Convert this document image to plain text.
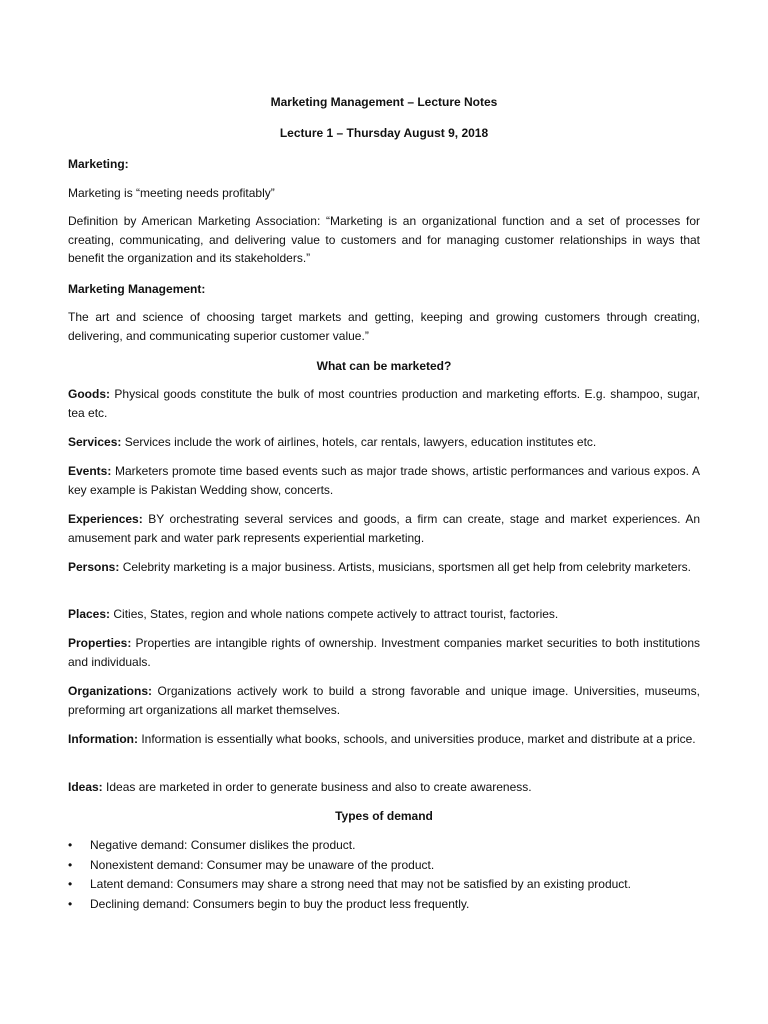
Marketing Management – Lecture Notes
Lecture 1 – Thursday August 9, 2018
Marketing:
Marketing is “meeting needs profitably”
Definition by American Marketing Association: “Marketing is an organizational function and a set of processes for creating, communicating, and delivering value to customers and for managing customer relationships in ways that benefit the organization and its stakeholders.”
Marketing Management:
The art and science of choosing target markets and getting, keeping and growing customers through creating, delivering, and communicating superior customer value.”
What can be marketed?
Goods: Physical goods constitute the bulk of most countries production and marketing efforts. E.g. shampoo, sugar, tea etc.
Services: Services include the work of airlines, hotels, car rentals, lawyers, education institutes etc.
Events: Marketers promote time based events such as major trade shows, artistic performances and various expos. A key example is Pakistan Wedding show, concerts.
Experiences: BY orchestrating several services and goods, a firm can create, stage and market experiences. An amusement park and water park represents experiential marketing.
Persons: Celebrity marketing is a major business. Artists, musicians, sportsmen all get help from celebrity marketers.
Places: Cities, States, region and whole nations compete actively to attract tourist, factories.
Properties: Properties are intangible rights of ownership. Investment companies market securities to both institutions and individuals.
Organizations: Organizations actively work to build a strong favorable and unique image. Universities, museums, preforming art organizations all market themselves.
Information: Information is essentially what books, schools, and universities produce, market and distribute at a price.
Ideas: Ideas are marketed in order to generate business and also to create awareness.
Types of demand
• Negative demand: Consumer dislikes the product.
• Nonexistent demand: Consumer may be unaware of the product.
• Latent demand: Consumers may share a strong need that may not be satisfied by an existing product.
• Declining demand: Consumers begin to buy the product less frequently.
